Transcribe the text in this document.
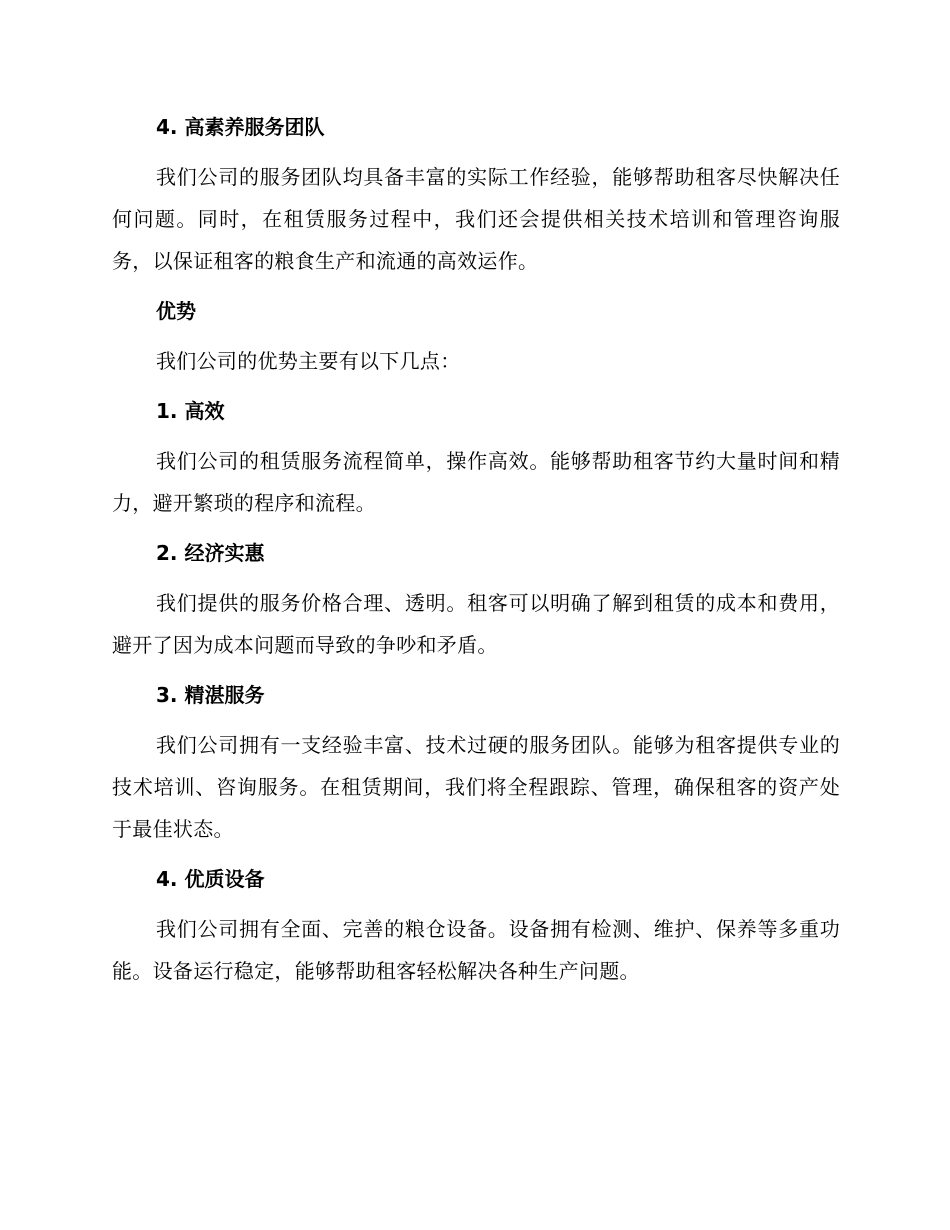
4. 高素养服务团队

我们公司的服务团队均具备丰富的实际工作经验，能够帮助租客尽快解决任何问题。同时，在租赁服务过程中，我们还会提供相关技术培训和管理咨询服务，以保证租客的粮食生产和流通的高效运作。

优势

我们公司的优势主要有以下几点：

1. 高效

我们公司的租赁服务流程简单，操作高效。能够帮助租客节约大量时间和精力，避开繁琐的程序和流程。

2. 经济实惠

我们提供的服务价格合理、透明。租客可以明确了解到租赁的成本和费用，避开了因为成本问题而导致的争吵和矛盾。

3. 精湛服务

我们公司拥有一支经验丰富、技术过硬的服务团队。能够为租客提供专业的技术培训、咨询服务。在租赁期间，我们将全程跟踪、管理，确保租客的资产处于最佳状态。

4. 优质设备

我们公司拥有全面、完善的粮仓设备。设备拥有检测、维护、保养等多重功能。设备运行稳定，能够帮助租客轻松解决各种生产问题。
